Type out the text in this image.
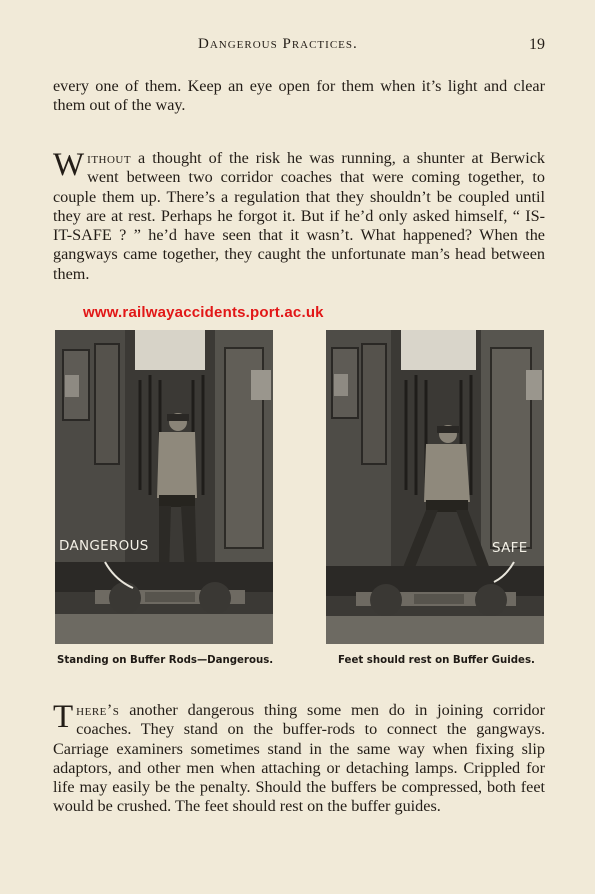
Dangerous Practices.	19

every one of them. Keep an eye open for them when it’s light and clear them out of the way.

Without a thought of the risk he was running, a shunter at Berwick went between two corridor coaches that were coming together, to couple them up. There’s a regulation that they shouldn’t be coupled until they are at rest. Perhaps he forgot it. But if he’d only asked himself, “ IS-IT-SAFE ? ” he’d have seen that it wasn’t. What happened? When the gangways came together, they caught the unfortunate man’s head between them.

www.railwayaccidents.port.ac.uk
DANGEROUS	SAFE
Standing on Buffer Rods—Dangerous.	Feet should rest on Buffer Guides.

There’s another dangerous thing some men do in joining corridor coaches. They stand on the buffer-rods to connect the gangways. Carriage examiners sometimes stand in the same way when fixing slip adaptors, and other men when attaching or detaching lamps. Crippled for life may easily be the penalty. Should the buffers be compressed, both feet would be crushed. The feet should rest on the buffer guides.
